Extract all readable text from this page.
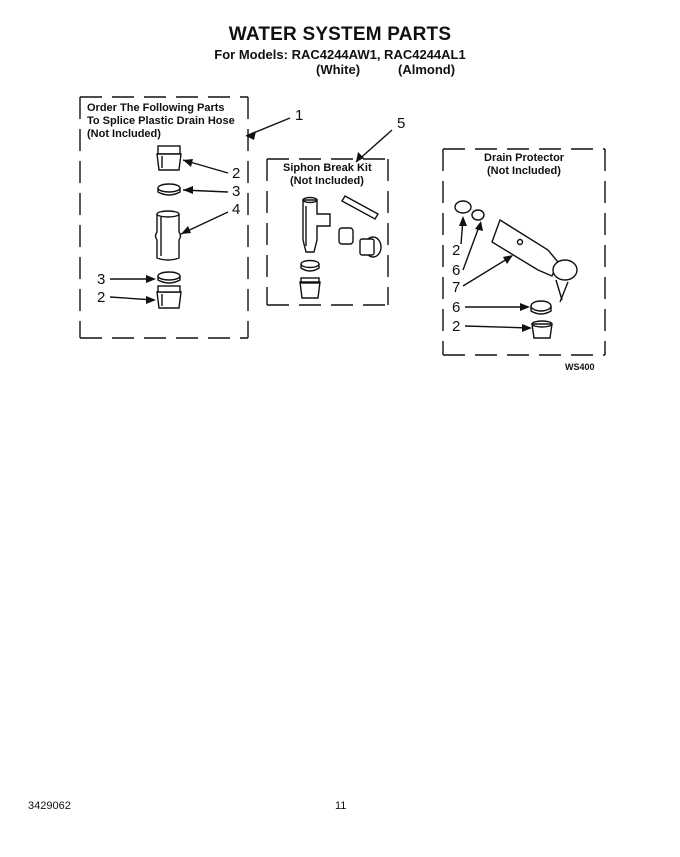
WATER SYSTEM PARTS
For Models: RAC4244AW1, RAC4244AL1
(White)	(Almond)
Order The Following Parts
To Splice Plastic Drain Hose
(Not Included)
Siphon Break Kit
(Not Included)
Drain Protector
(Not Included)
1
2
3
4
3
2
5
2
6
7
6
2
WS400
3429062	11
